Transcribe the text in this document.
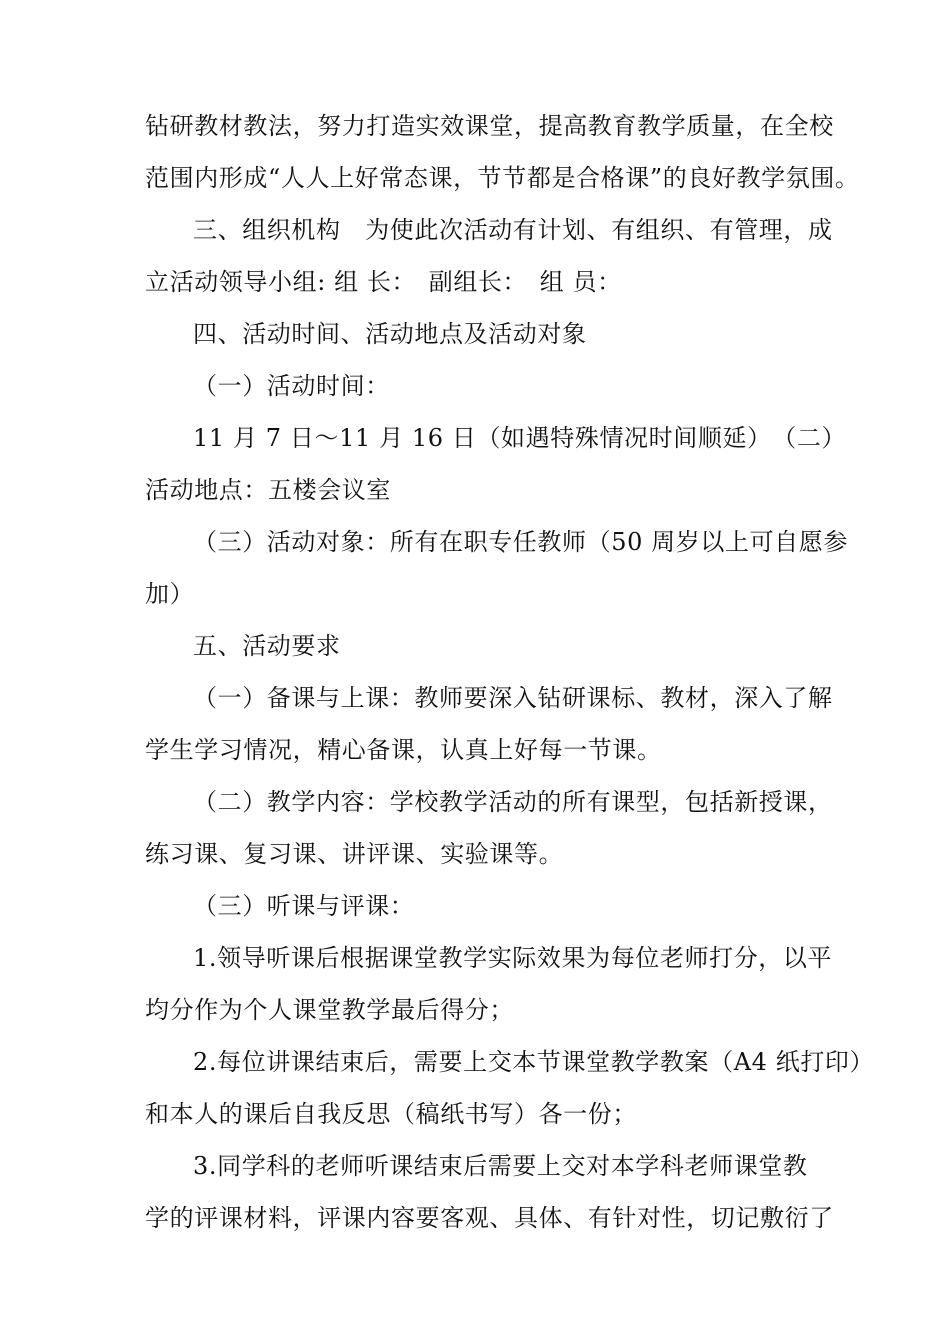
钻研教材教法，努力打造实效课堂，提高教育教学质量，在全校
范围内形成“人人上好常态课，节节都是合格课”的良好教学氛围。
三、组织机构　为使此次活动有计划、有组织、有管理，成
立活动领导小组: 组 长：　副组长：　组 员：
四、活动时间、活动地点及活动对象
（一）活动时间：
11 月 7 日～11 月 16 日（如遇特殊情况时间顺延）　（二）
活动地点：五楼会议室
（三）活动对象：所有在职专任教师（50 周岁以上可自愿参
加）
五、活动要求
（一）备课与上课：教师要深入钻研课标、教材，深入了解
学生学习情况，精心备课，认真上好每一节课。
（二）教学内容：学校教学活动的所有课型，包括新授课，
练习课、复习课、讲评课、实验课等。
（三）听课与评课：
1.领导听课后根据课堂教学实际效果为每位老师打分，以平
均分作为个人课堂教学最后得分；
2.每位讲课结束后，需要上交本节课堂教学教案（A4 纸打印）
和本人的课后自我反思（稿纸书写）各一份；
3.同学科的老师听课结束后需要上交对本学科老师课堂教
学的评课材料，评课内容要客观、具体、有针对性，切记敷衍了
